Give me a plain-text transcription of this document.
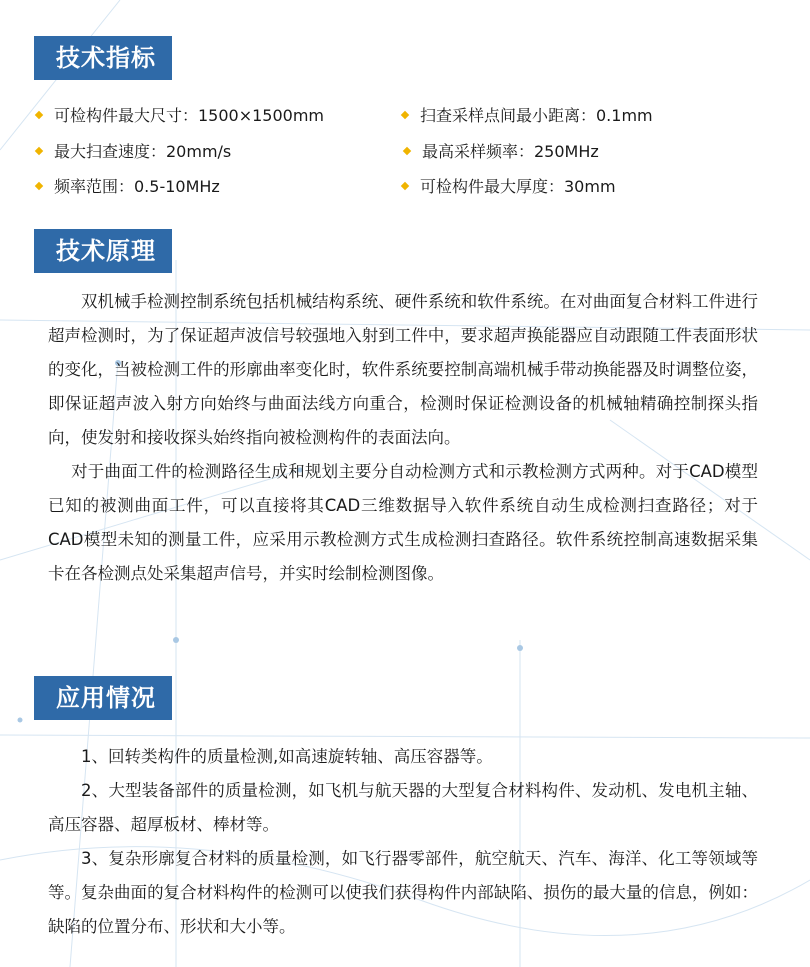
技术指标
可检构件最大尺寸：1500×1500mm	扫查采样点间最小距离：0.1mm
最大扫查速度：20mm/s	最高采样频率：250MHz
频率范围：0.5-10MHz	可检构件最大厚度：30mm
技术原理

双机械手检测控制系统包括机械结构系统、硬件系统和软件系统。在对曲面复合材料工件进行超声检测时，为了保证超声波信号较强地入射到工件中，要求超声换能器应自动跟随工件表面形状的变化，当被检测工件的形廓曲率变化时，软件系统要控制高端机械手带动换能器及时调整位姿，即保证超声波入射方向始终与曲面法线方向重合，检测时保证检测设备的机械轴精确控制探头指向，使发射和接收探头始终指向被检测构件的表面法向。

对于曲面工件的检测路径生成和规划主要分自动检测方式和示教检测方式两种。对于CAD模型已知的被测曲面工件，可以直接将其CAD三维数据导入软件系统自动生成检测扫查路径；对于CAD模型未知的测量工件，应采用示教检测方式生成检测扫查路径。软件系统控制高速数据采集卡在各检测点处采集超声信号，并实时绘制检测图像。

应用情况

1、回转类构件的质量检测,如高速旋转轴、高压容器等。

2、大型装备部件的质量检测，如飞机与航天器的大型复合材料构件、发动机、发电机主轴、高压容器、超厚板材、棒材等。

3、复杂形廓复合材料的质量检测，如飞行器零部件，航空航天、汽车、海洋、化工等领域等等。复杂曲面的复合材料构件的检测可以使我们获得构件内部缺陷、损伤的最大量的信息，例如：缺陷的位置分布、形状和大小等。
